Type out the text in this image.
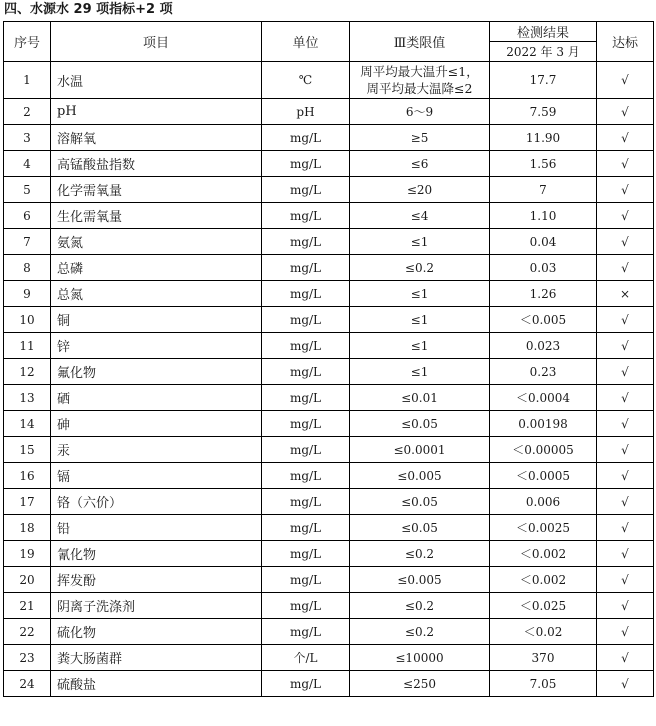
四、水源水 29 项指标+2 项
序号	项目	单位	Ⅲ类限值	检测结果	达标
				2022 年 3 月	
1	水温	℃	周平均最大温升≤1，
周平均最大温降≤2	17.7	√
2	pH	pH	6～9	7.59	√
3	溶解氧	mg/L	≥5	11.90	√
4	高锰酸盐指数	mg/L	≤6	1.56	√
5	化学需氧量	mg/L	≤20	7	√
6	生化需氧量	mg/L	≤4	1.10	√
7	氨氮	mg/L	≤1	0.04	√
8	总磷	mg/L	≤0.2	0.03	√
9	总氮	mg/L	≤1	1.26	×
10	铜	mg/L	≤1	＜0.005	√
11	锌	mg/L	≤1	0.023	√
12	氟化物	mg/L	≤1	0.23	√
13	硒	mg/L	≤0.01	＜0.0004	√
14	砷	mg/L	≤0.05	0.00198	√
15	汞	mg/L	≤0.0001	＜0.00005	√
16	镉	mg/L	≤0.005	＜0.0005	√
17	铬（六价）	mg/L	≤0.05	0.006	√
18	铅	mg/L	≤0.05	＜0.0025	√
19	氰化物	mg/L	≤0.2	＜0.002	√
20	挥发酚	mg/L	≤0.005	＜0.002	√
21	阴离子洗涤剂	mg/L	≤0.2	＜0.025	√
22	硫化物	mg/L	≤0.2	＜0.02	√
23	粪大肠菌群	个/L	≤10000	370	√
24	硫酸盐	mg/L	≤250	7.05	√
